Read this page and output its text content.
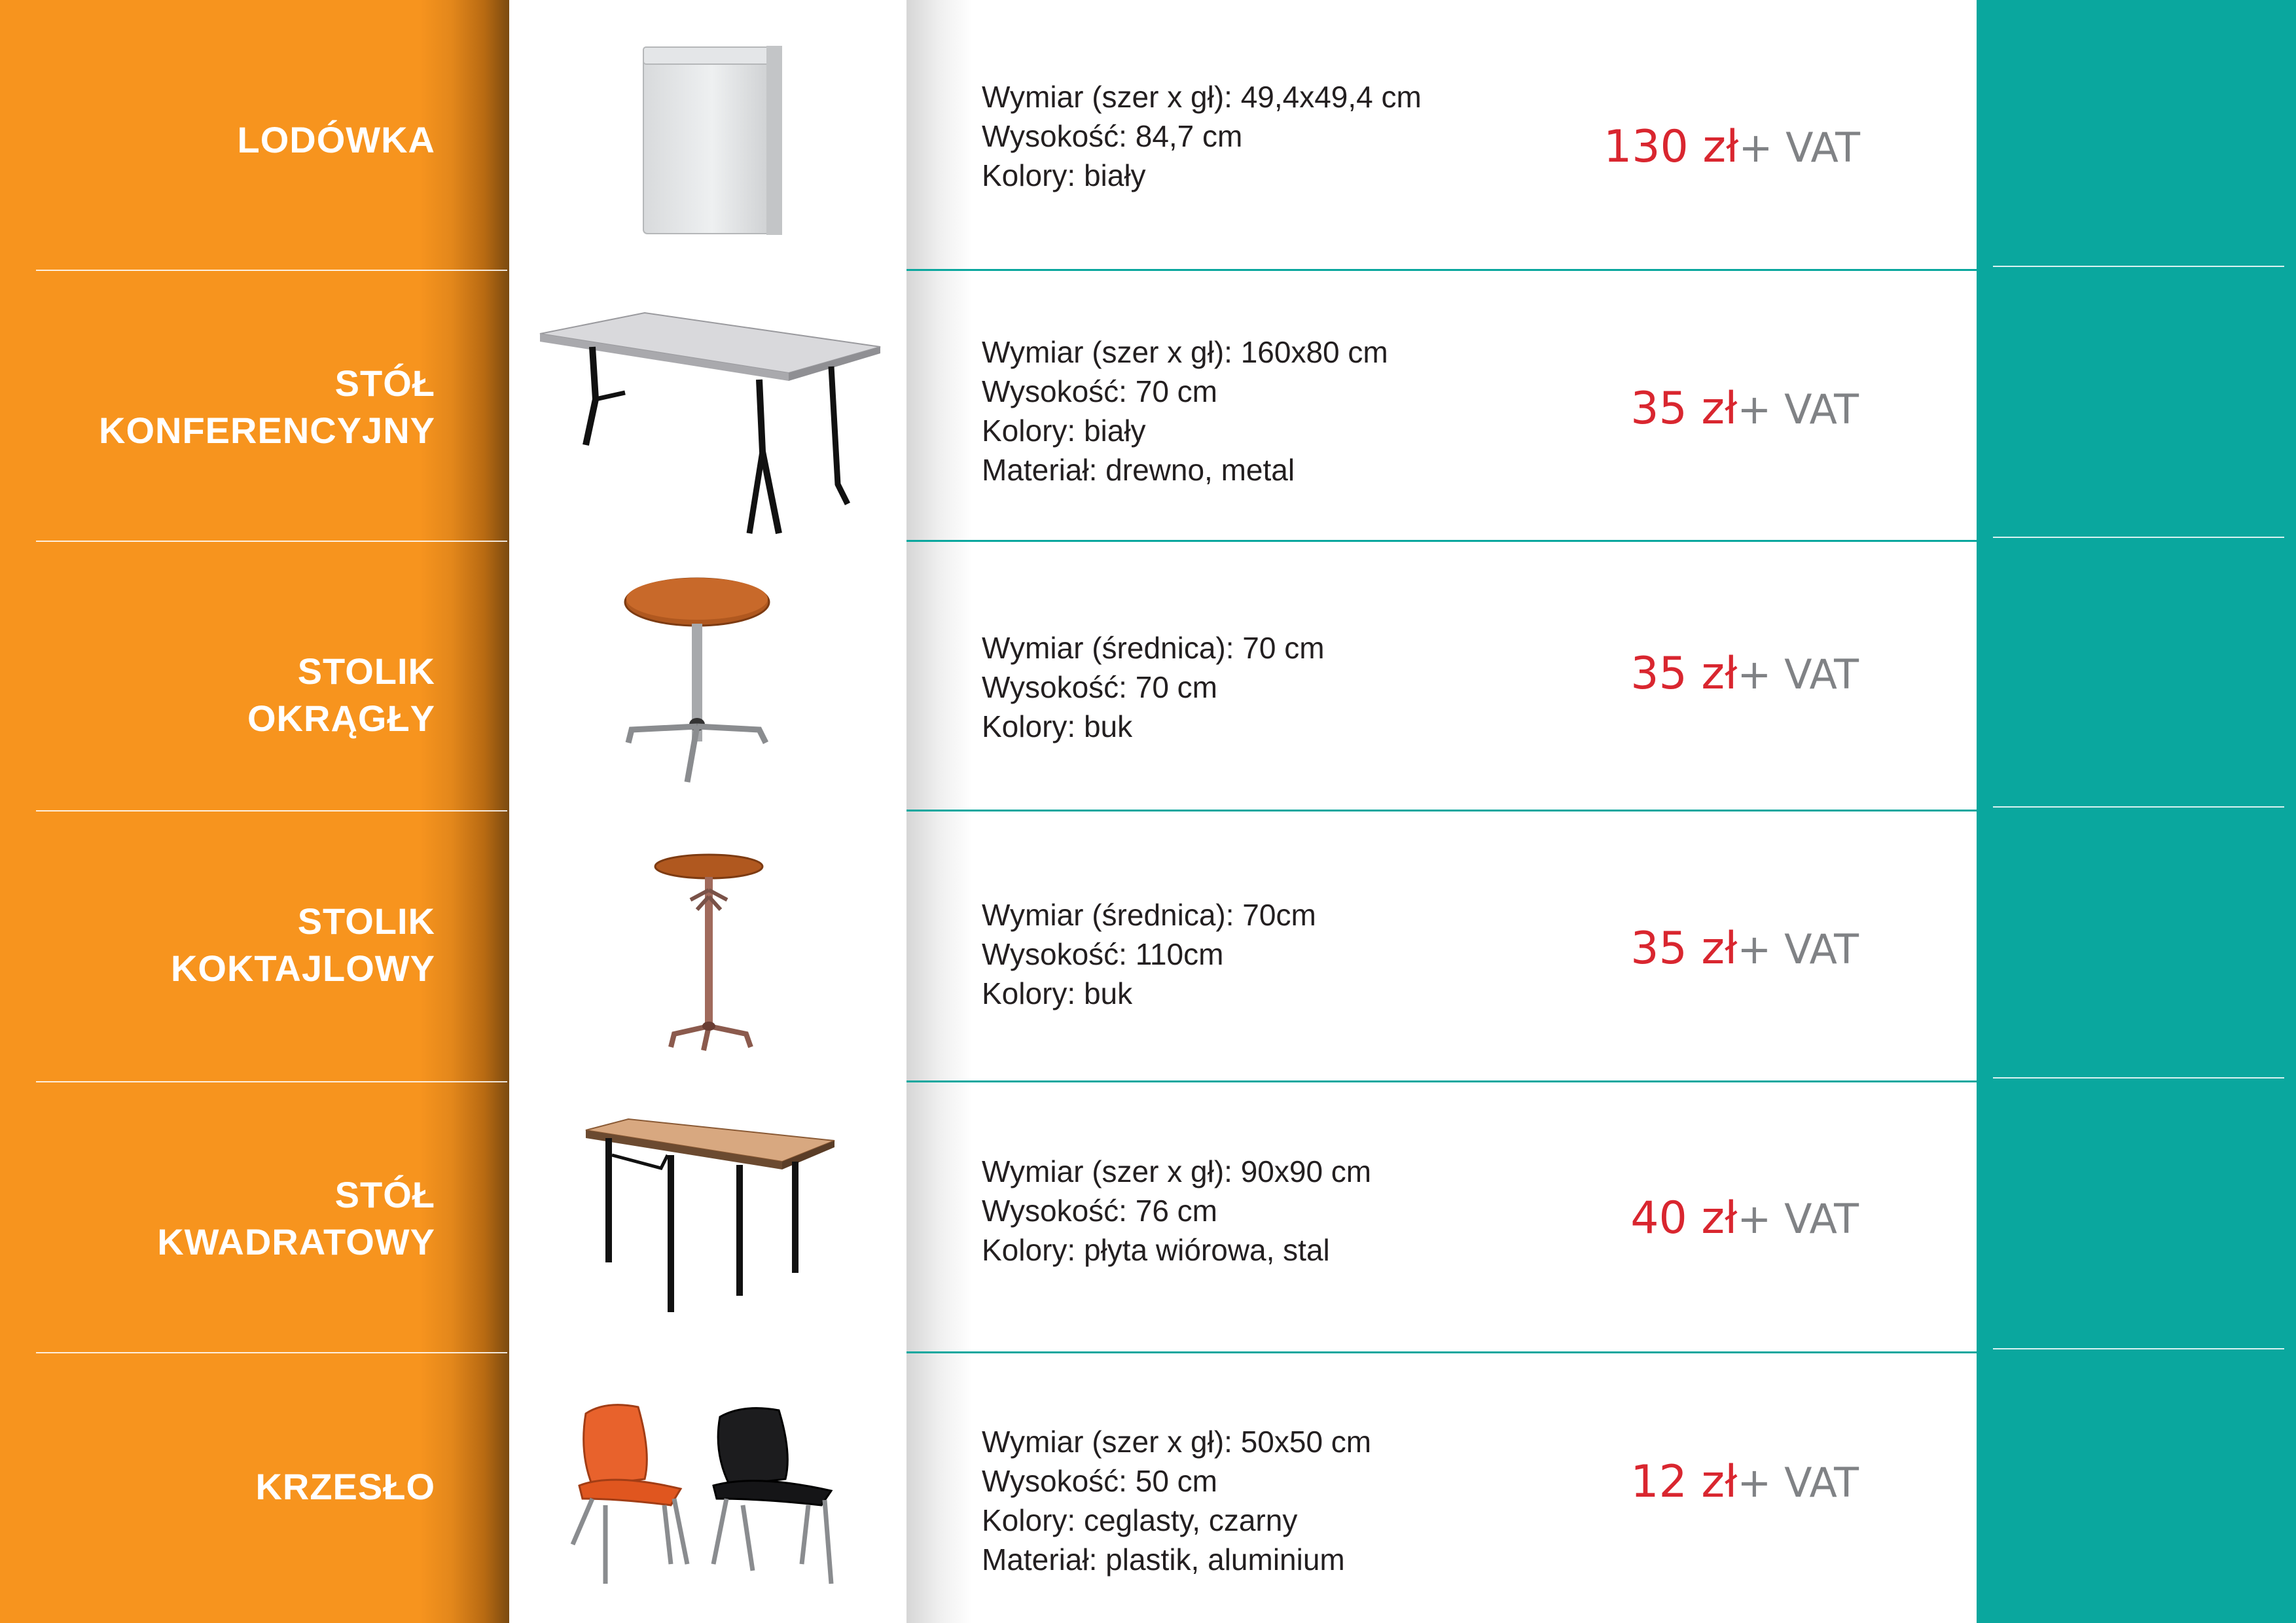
LODÓWKA
Wymiar (szer x gł): 49,4x49,4 cm
Wysokość: 84,7 cm
Kolory: biały
130 zł+ VAT
STÓŁ
KONFERENCYJNY
Wymiar (szer x gł): 160x80 cm
Wysokość: 70 cm
Kolory: biały
Materiał: drewno, metal
35 zł+ VAT
STOLIK
OKRĄGŁY
Wymiar (średnica): 70 cm
Wysokość: 70 cm
Kolory: buk
35 zł+ VAT
STOLIK
KOKTAJLOWY
Wymiar (średnica): 70cm
Wysokość: 110cm
Kolory: buk
35 zł+ VAT
STÓŁ
KWADRATOWY
Wymiar (szer x gł): 90x90 cm
Wysokość: 76 cm
Kolory: płyta wiórowa, stal
40 zł+ VAT
KRZESŁO
Wymiar (szer x gł): 50x50 cm
Wysokość: 50 cm
Kolory: ceglasty, czarny
Materiał: plastik, aluminium
12 zł+ VAT
